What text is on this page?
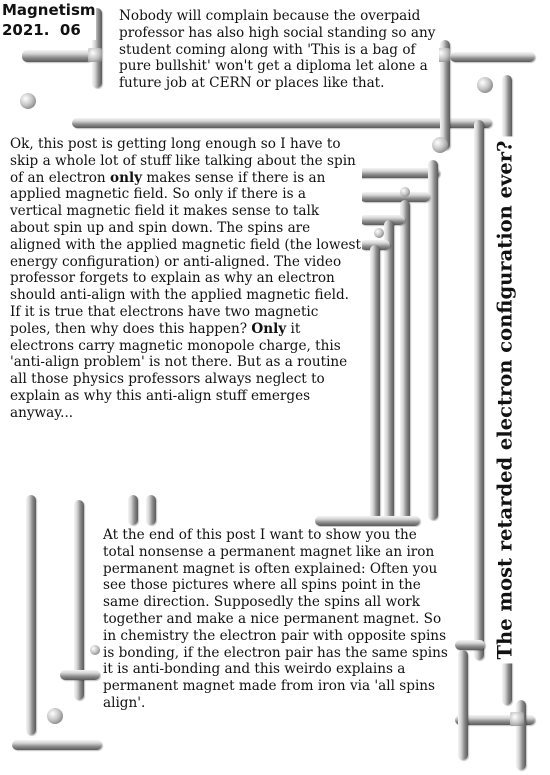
Magnetism
2021.  06
Nobody will complain because the overpaid professor has also high social standing so any student coming along with 'This is a bag of pure bullshit' won't get a diploma let alone a future job at CERN or places like that.
Ok, this post is getting long enough so I have to skip a whole lot of stuff like talking about the spin of an electron only makes sense if there is an applied magnetic field. So only if there is a vertical magnetic field it makes sense to talk about spin up and spin down. The spins are aligned with the applied magnetic field (the lowest energy configuration) or anti-aligned. The video professor forgets to explain as why an electron should anti-align with the applied magnetic field. If it is true that electrons have two magnetic poles, then why does this happen? Only it electrons carry magnetic monopole charge, this 'anti-align problem' is not there. But as a routine all those physics professors always neglect to explain as why this anti-align stuff emerges anyway...
At the end of this post I want to show you the total nonsense a permanent magnet like an iron permanent magnet is often explained: Often you see those pictures where all spins point in the same direction. Supposedly the spins all work together and make a nice permanent magnet. So in chemistry the electron pair with opposite spins is bonding, if the electron pair has the same spins it is anti-bonding and this weirdo explains a permanent magnet made from iron via 'all spins align'.
The most retarded electron configuration ever?
